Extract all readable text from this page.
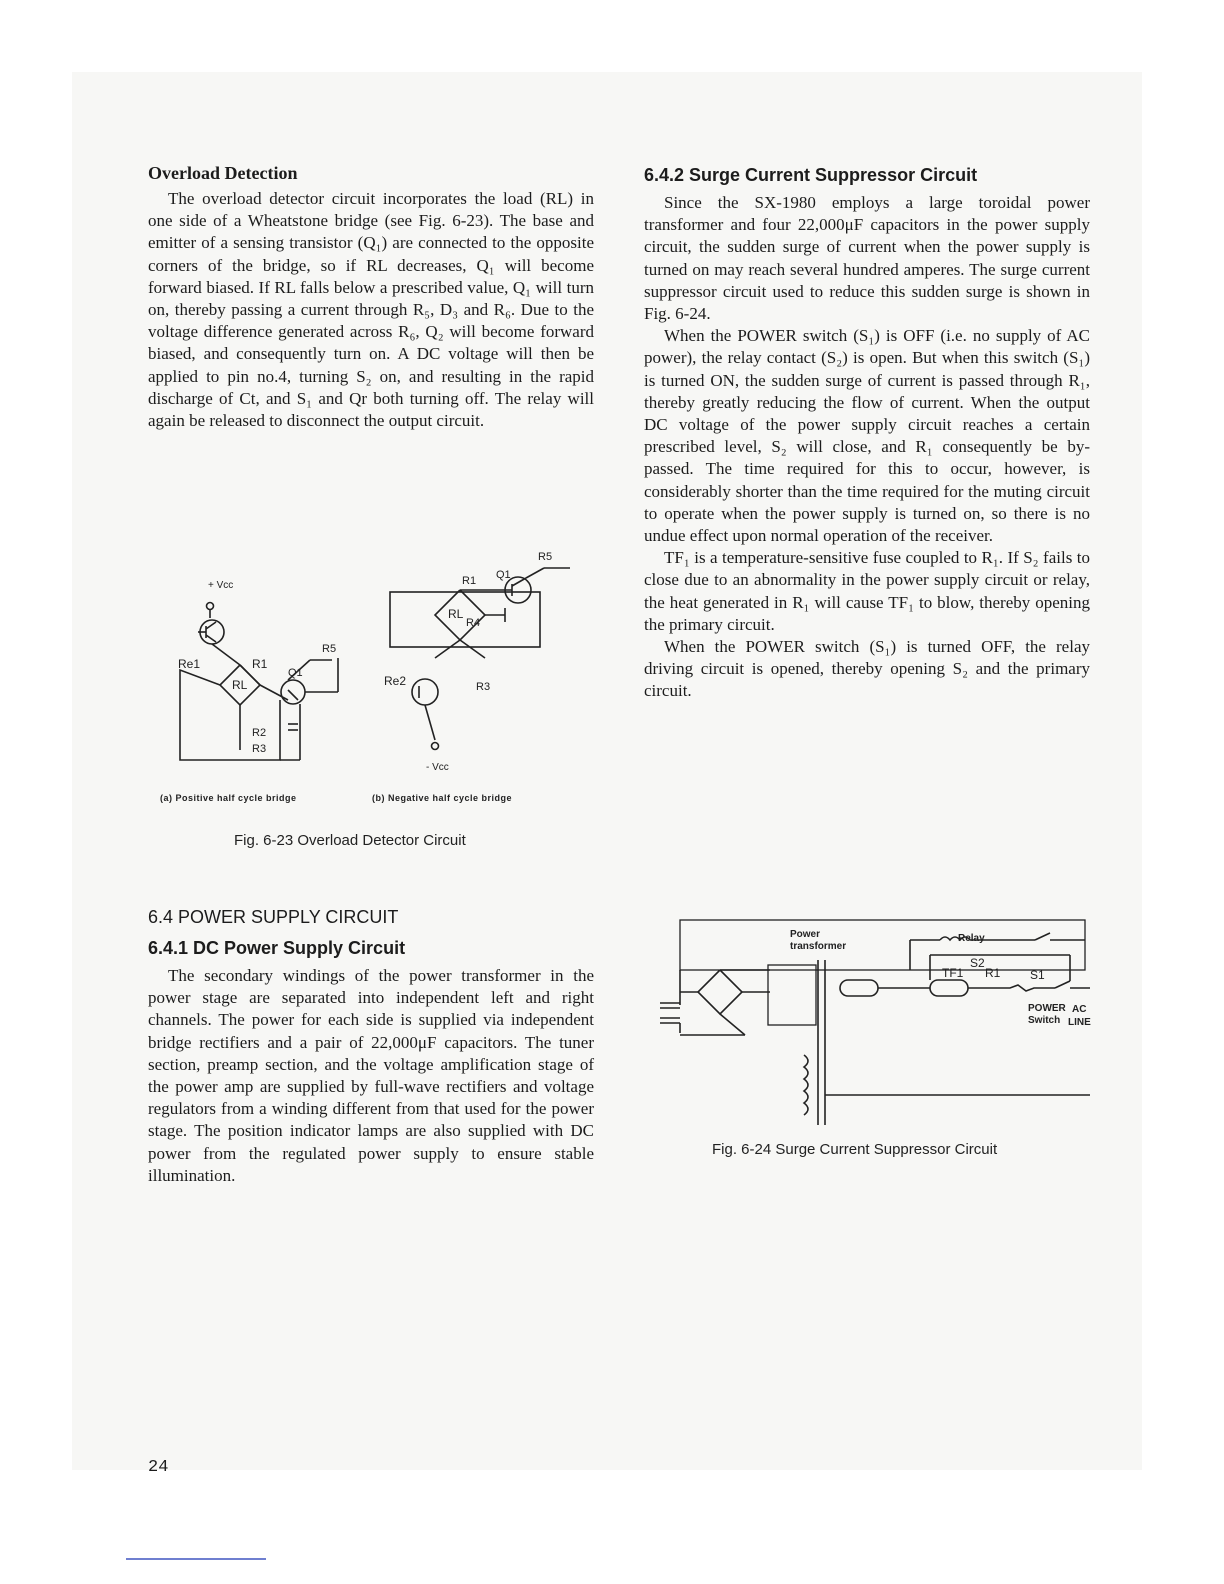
Overload Detection

The overload detector circuit incorporates the load (RL) in one side of a Wheatstone bridge (see Fig. 6-23). The base and emitter of a sensing transistor (Q₁) are connected to the opposite corners of the bridge, so if RL decreases, Q₁ will become forward biased. If RL falls below a prescribed value, Q₁ will turn on, thereby passing a current through R₅, D₃ and R₆. Due to the voltage difference generated across R₆, Q₂ will become forward biased, and consequently turn on. A DC voltage will then be applied to pin no.4, turning S₂ on, and resulting in the rapid discharge of Ct, and S₁ and Qr both turning off. The relay will again be released to disconnect the output circuit.

+ Vcc
Re1	R1
Q1
R5
RL
R2
R3
R5
R1 Q1
R4
RL
Re2	R3
- Vcc
(a) Positive half cycle bridge	(b) Negative half cycle bridge
Fig. 6-23 Overload Detector Circuit
6.4 POWER SUPPLY CIRCUIT
6.4.1 DC Power Supply Circuit

The secondary windings of the power transformer in the power stage are separated into independent left and right channels. The power for each side is supplied via independent bridge rectifiers and a pair of 22,000μF capacitors. The tuner section, preamp section, and the voltage amplification stage of the power amp are supplied by full-wave rectifiers and voltage regulators from a winding different from that used for the power stage. The position indicator lamps are also supplied with DC power from the regulated power supply to ensure stable illumination.

6.4.2 Surge Current Suppressor Circuit

Since the SX-1980 employs a large toroidal power transformer and four 22,000μF capacitors in the power supply circuit, the sudden surge of current when the power supply is turned on may reach several hundred amperes. The surge current suppressor circuit used to reduce this sudden surge is shown in Fig. 6-24.

When the POWER switch (S₁) is OFF (i.e. no supply of AC power), the relay contact (S₂) is open. But when this switch (S₁) is turned ON, the sudden surge of current is passed through R₁, thereby greatly reducing the flow of current. When the output DC voltage of the power supply circuit reaches a certain prescribed level, S₂ will close, and R₁ consequently be by-passed. The time required for this to occur, however, is considerably shorter than the time required for the muting circuit to operate when the power supply is turned on, so there is no undue effect upon normal operation of the receiver.

TF₁ is a temperature-sensitive fuse coupled to R₁. If S₂ fails to close due to an abnormality in the power supply circuit or relay, the heat generated in R₁ will cause TF₁ to blow, thereby opening the primary circuit.

When the POWER switch (S₁) is turned OFF, the relay driving circuit is opened, thereby opening S₂ and the primary circuit.

Power
transformer
Relay
S2
S1
TF1 R1
POWER
Switch
AC
LINE
Fig. 6-24 Surge Current Suppressor Circuit
24
